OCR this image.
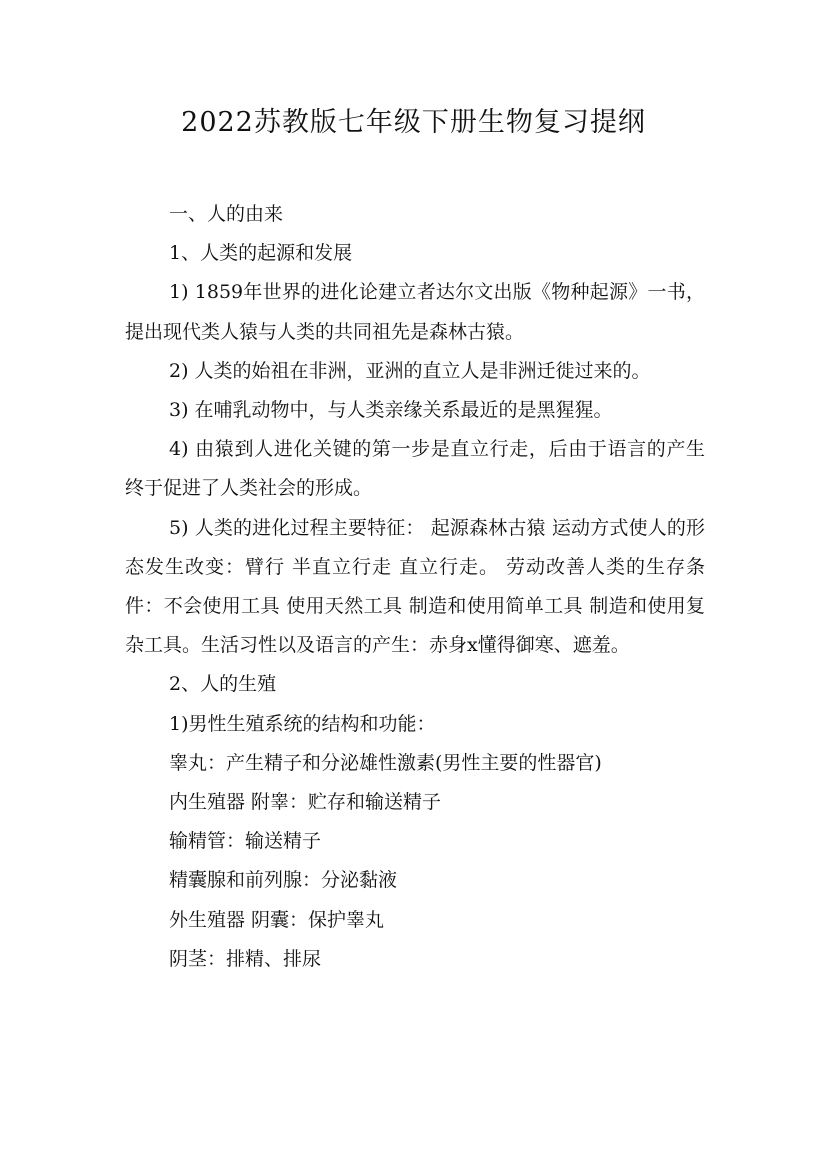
2022苏教版七年级下册生物复习提纲

一、人的由来

1、人类的起源和发展

1) 1859年世界的进化论建立者达尔文出版《物种起源》一书，提出现代类人猿与人类的共同祖先是森林古猿。

2) 人类的始祖在非洲，亚洲的直立人是非洲迁徙过来的。

3) 在哺乳动物中，与人类亲缘关系最近的是黑猩猩。

4) 由猿到人进化关键的第一步是直立行走，后由于语言的产生终于促进了人类社会的形成。

5) 人类的进化过程主要特征： 起源森林古猿 运动方式使人的形态发生改变：臂行 半直立行走 直立行走。 劳动改善人类的生存条件：不会使用工具 使用天然工具 制造和使用简单工具 制造和使用复杂工具。生活习性以及语言的产生：赤身x懂得御寒、遮羞。

2、人的生殖

1)男性生殖系统的结构和功能：

睾丸：产生精子和分泌雄性激素(男性主要的性器官)

内生殖器 附睾：贮存和输送精子

输精管：输送精子

精囊腺和前列腺：分泌黏液

外生殖器 阴囊：保护睾丸

阴茎：排精、排尿
